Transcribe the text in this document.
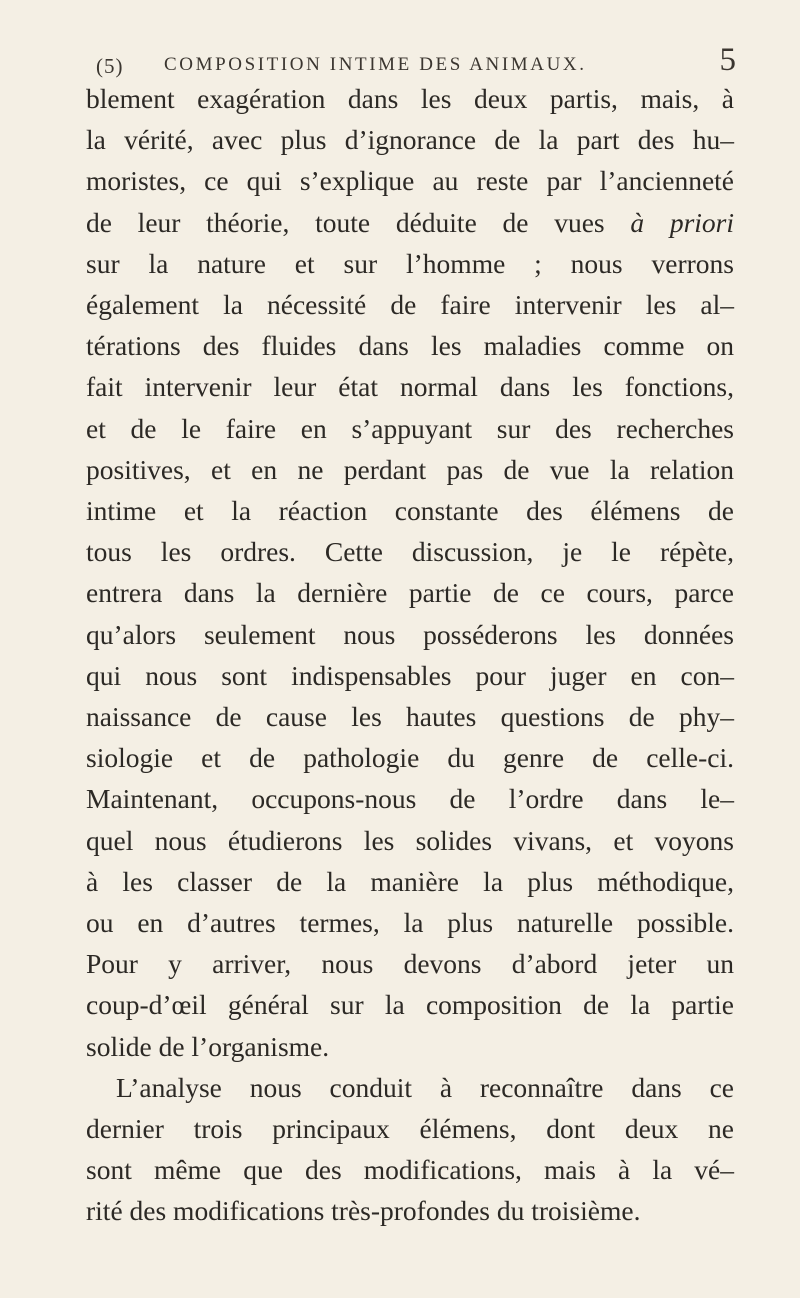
(5) COMPOSITION INTIME DES ANIMAUX.	5
blement exagération dans les deux partis, mais, à
la vérité, avec plus d’ignorance de la part des hu–
moristes, ce qui s’explique au reste par l’ancienneté
de leur théorie, toute déduite de vues à priori
sur la nature et sur l’homme ; nous verrons
également la nécessité de faire intervenir les al–
térations des fluides dans les maladies comme on
fait intervenir leur état normal dans les fonctions,
et de le faire en s’appuyant sur des recherches
positives, et en ne perdant pas de vue la relation
intime et la réaction constante des élémens de
tous les ordres. Cette discussion, je le répète,
entrera dans la dernière partie de ce cours, parce
qu’alors seulement nous posséderons les données
qui nous sont indispensables pour juger en con–
naissance de cause les hautes questions de phy–
siologie et de pathologie du genre de celle-ci.
Maintenant, occupons-nous de l’ordre dans le–
quel nous étudierons les solides vivans, et voyons
à les classer de la manière la plus méthodique,
ou en d’autres termes, la plus naturelle possible.
Pour y arriver, nous devons d’abord jeter un
coup-d’œil général sur la composition de la partie
solide de l’organisme.
L’analyse nous conduit à reconnaître dans ce
dernier trois principaux élémens, dont deux ne
sont même que des modifications, mais à la vé–
rité des modifications très-profondes du troisième.
